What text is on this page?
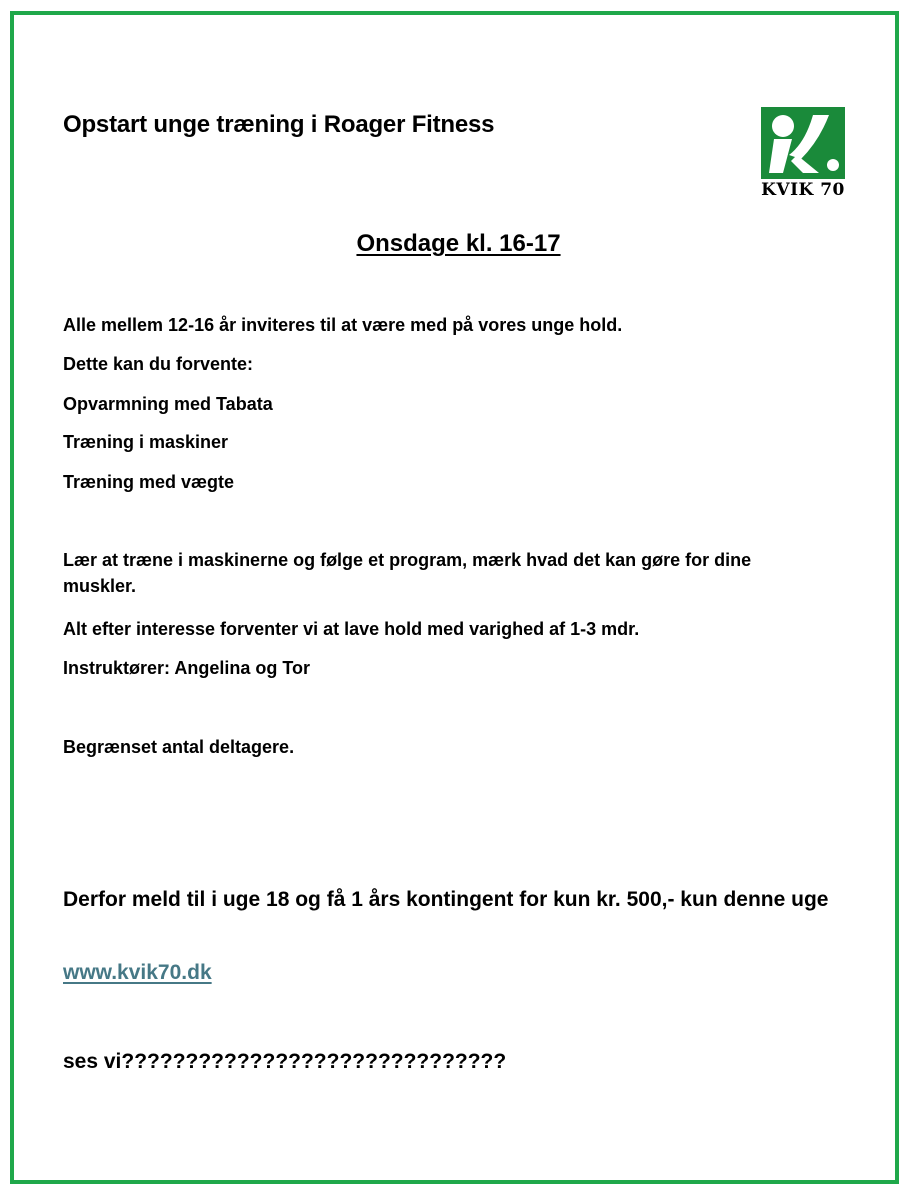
Opstart unge træning i Roager Fitness
KVIK 70
Onsdage kl. 16-17
Alle mellem 12-16 år inviteres til at være med på vores unge hold.
Dette kan du forvente:
Opvarmning med Tabata
Træning i maskiner
Træning med vægte
Lær at træne i maskinerne og følge et program, mærk hvad det kan gøre for dine muskler.
Alt efter interesse forventer vi at lave hold med varighed af 1-3 mdr.
Instruktører: Angelina og Tor
Begrænset antal deltagere.
Derfor meld til i uge 18 og få 1 års kontingent for kun kr. 500,- kun denne uge
www.kvik70.dk
ses vi??????????????????????????????
